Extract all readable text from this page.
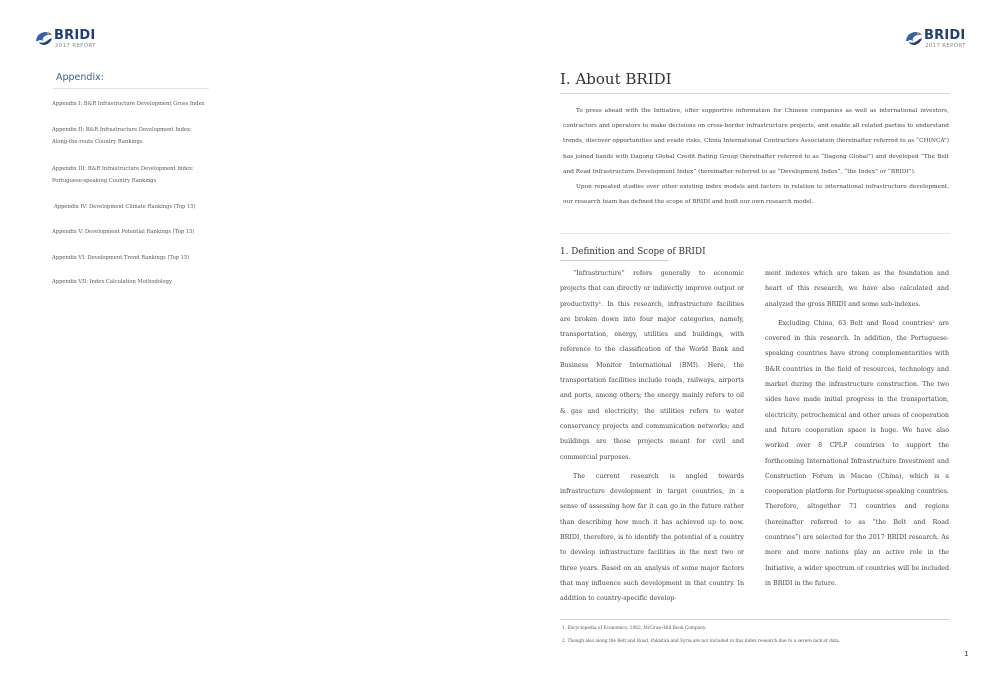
BRIDI
2017 REPORT
BRIDI
2017 REPORT
Appendix:
Appendix I: B&R Infrastructure Development Gross Index
Appendix II: B&R Infrastructure Development Index:
Along-the-route Country Rankings
Appendix III: B&R Infrastructure Development Index:
Portuguese-speaking Country Rankings
Appendix IV: Development Climate Rankings (Top 15)
Appendix V: Development Potential Rankings (Top 15)
Appendix VI: Development Trend Rankings (Top 15)
Appendix VII: Index Calculation Methodology
I. About BRIDI

To press ahead with the Initiative, offer supportive information for Chinese companies as well as international investors, contractors and operators to make decisions on cross-border infrastructure projects, and enable all related parties to understand trends, discover opportunities and evade risks, China International Contractors Association (hereinafter referred to as “CHINCA”) has joined hands with Dagong Global Credit Rating Group (hereinafter referred to as “Dagong Global”) and developed “The Belt and Road Infrastructure Development Index” (hereinafter referred to as “Development Index”, “the Index” or “BRIDI”).

Upon repeated studies over other existing index models and factors in relation to international infrastructure development, our research team has defined the scope of BRIDI and built our own research model.

1. Definition and Scope of BRIDI

“Infrastructure” refers generally to economic projects that can directly or indirectly improve output or productivity¹. In this research, infrastructure facilities are broken down into four major categories, namely, transportation, energy, utilities and buildings, with reference to the classification of the World Bank and Business Monitor International (BMI). Here, the transportation facilities include roads, railways, airports and ports, among others; the energy mainly refers to oil & gas and electricity; the utilities refers to water conservancy projects and communication networks; and buildings are those projects meant for civil and commercial purposes.

The current research is angled towards infrastructure development in target countries, in a sense of assessing how far it can go in the future rather than describing how much it has achieved up to now. BRIDI, therefore, is to identify the potential of a country to develop infrastructure facilities in the next two or three years. Based on an analysis of some major factors that may influence such development in that country. In addition to country-specific develop-

ment indexes which are taken as the foundation and heart of this research, we have also calculated and analyzed the gross BRIDI and some sub-indexes.

Excluding China, 63 Belt and Road countries² are covered in this research. In addition, the Portuguese-speaking countries have strong complementarities with B&R countries in the field of resources, technology and market during the infrastructure construction. The two sides have made initial progress in the transportation, electricity, petrochemical and other areas of cooperation and future cooperation space is huge. We have also worked over 8 CPLP countries to support the forthcoming International Infrastructure Investment and Construction Forum in Macao (China), which is a cooperation platform for Portuguese-speaking countries. Therefore, altogether 71 countries and regions (hereinafter referred to as “the Belt and Road countries”) are selected for the 2017 BRIDI research. As more and more nations play an active role in the Initiative, a wider spectrum of countries will be included in BRIDI in the future.

1. Encyclopedia of Economics, 1982, McGraw-Hill Book Company.
2. Though also along the Belt and Road, Pakistan and Syria are not included in this index research due to a severe lack of data.
1
